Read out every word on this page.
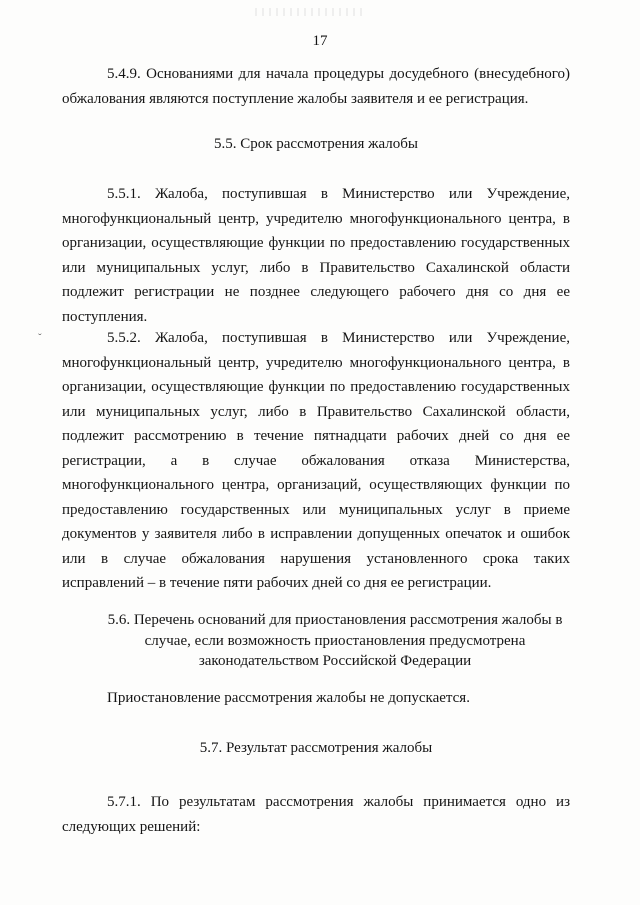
17

5.4.9. Основаниями для начала процедуры досудебного (внесудебного) обжалования являются поступление жалобы заявителя и ее регистрация.

5.5. Срок рассмотрения жалобы

5.5.1. Жалоба, поступившая в Министерство или Учреждение, многофункциональный центр, учредителю многофункционального центра, в организации, осуществляющие функции по предоставлению государственных или муниципальных услуг, либо в Правительство Сахалинской области подлежит регистрации не позднее следующего рабочего дня со дня ее поступления.

ˇ	5.5.2. Жалоба, поступившая в Министерство или Учреждение, многофункциональный центр, учредителю многофункционального центра, в организации, осуществляющие функции по предоставлению государственных или муниципальных услуг, либо в Правительство Сахалинской области, подлежит рассмотрению в течение пятнадцати рабочих дней со дня ее регистрации, а в случае обжалования отказа Министерства, многофункционального центра, организаций, осуществляющих функции по предоставлению государственных или муниципальных услуг в приеме документов у заявителя либо в исправлении допущенных опечаток и ошибок или в случае обжалования нарушения установленного срока таких исправлений – в течение пяти рабочих дней со дня ее регистрации.

5.6. Перечень оснований для приостановления рассмотрения жалобы в случае, если возможность приостановления предусмотрена законодательством Российской Федерации

Приостановление рассмотрения жалобы не допускается.

5.7. Результат рассмотрения жалобы

5.7.1. По результатам рассмотрения жалобы принимается одно из следующих решений:
